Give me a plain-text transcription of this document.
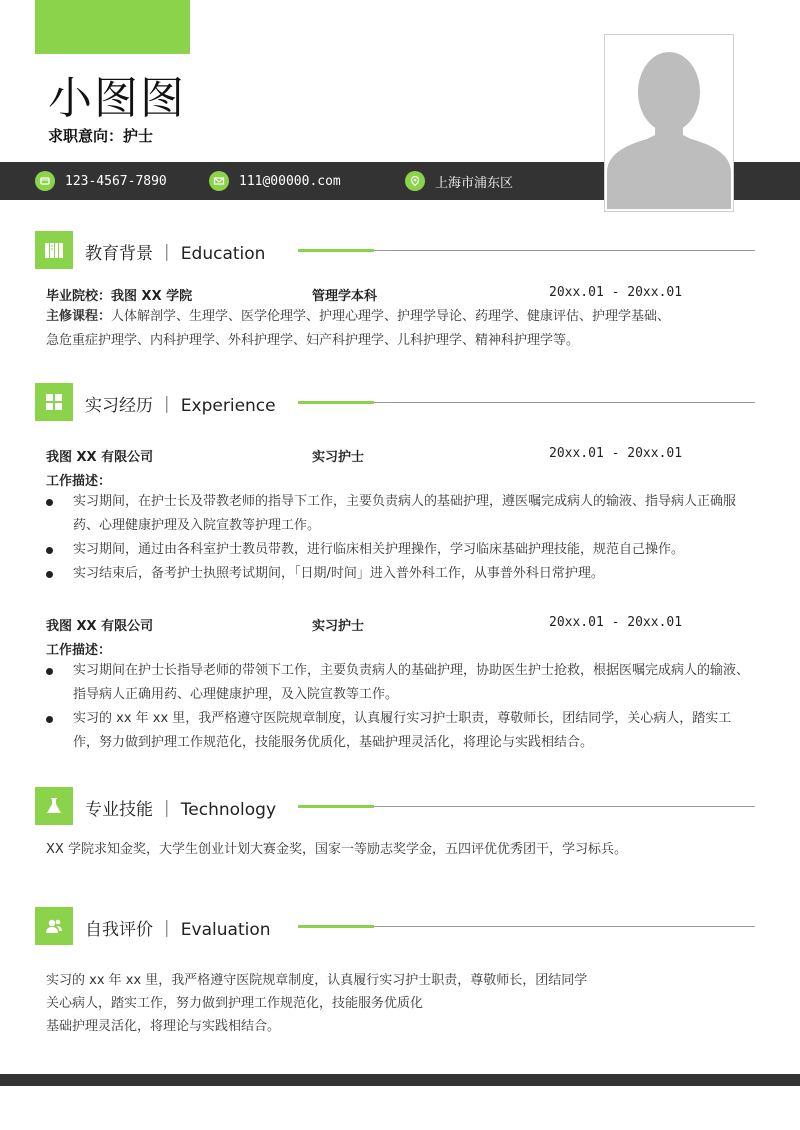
小图图
求职意向：护士
123-4567-7890	111@00000.com	上海市浦东区
教育背景 ｜ Education
毕业院校：我图 XX 学院	管理学本科	20xx.01 - 20xx.01
主修课程：人体解剖学、生理学、医学伦理学、护理心理学、护理学导论、药理学、健康评估、护理学基础、
急危重症护理学、内科护理学、外科护理学、妇产科护理学、儿科护理学、精神科护理学等。
实习经历 ｜ Experience
我图 XX 有限公司	实习护士	20xx.01 - 20xx.01
工作描述：
实习期间，在护士长及带教老师的指导下工作，主要负责病人的基础护理，遵医嘱完成病人的输液、指导病人正确服药、心理健康护理及入院宣教等护理工作。
实习期间，通过由各科室护士教员带教，进行临床相关护理操作，学习临床基础护理技能，规范自己操作。
实习结束后，备考护士执照考试期间，「日期/时间」进入普外科工作，从事普外科日常护理。
我图 XX 有限公司	实习护士	20xx.01 - 20xx.01
工作描述：
实习期间在护士长指导老师的带领下工作，主要负责病人的基础护理，协助医生护士抢救，根据医嘱完成病人的输液、指导病人正确用药、心理健康护理，及入院宣教等工作。
实习的 xx 年 xx 里，我严格遵守医院规章制度，认真履行实习护士职责，尊敬师长，团结同学，关心病人，踏实工作，努力做到护理工作规范化，技能服务优质化，基础护理灵活化，将理论与实践相结合。
专业技能 ｜ Technology
XX 学院求知金奖，大学生创业计划大赛金奖，国家一等励志奖学金，五四评优优秀团干，学习标兵。
自我评价 ｜ Evaluation
实习的 xx 年 xx 里，我严格遵守医院规章制度，认真履行实习护士职责，尊敬师长，团结同学
关心病人，踏实工作，努力做到护理工作规范化，技能服务优质化
基础护理灵活化，将理论与实践相结合。
